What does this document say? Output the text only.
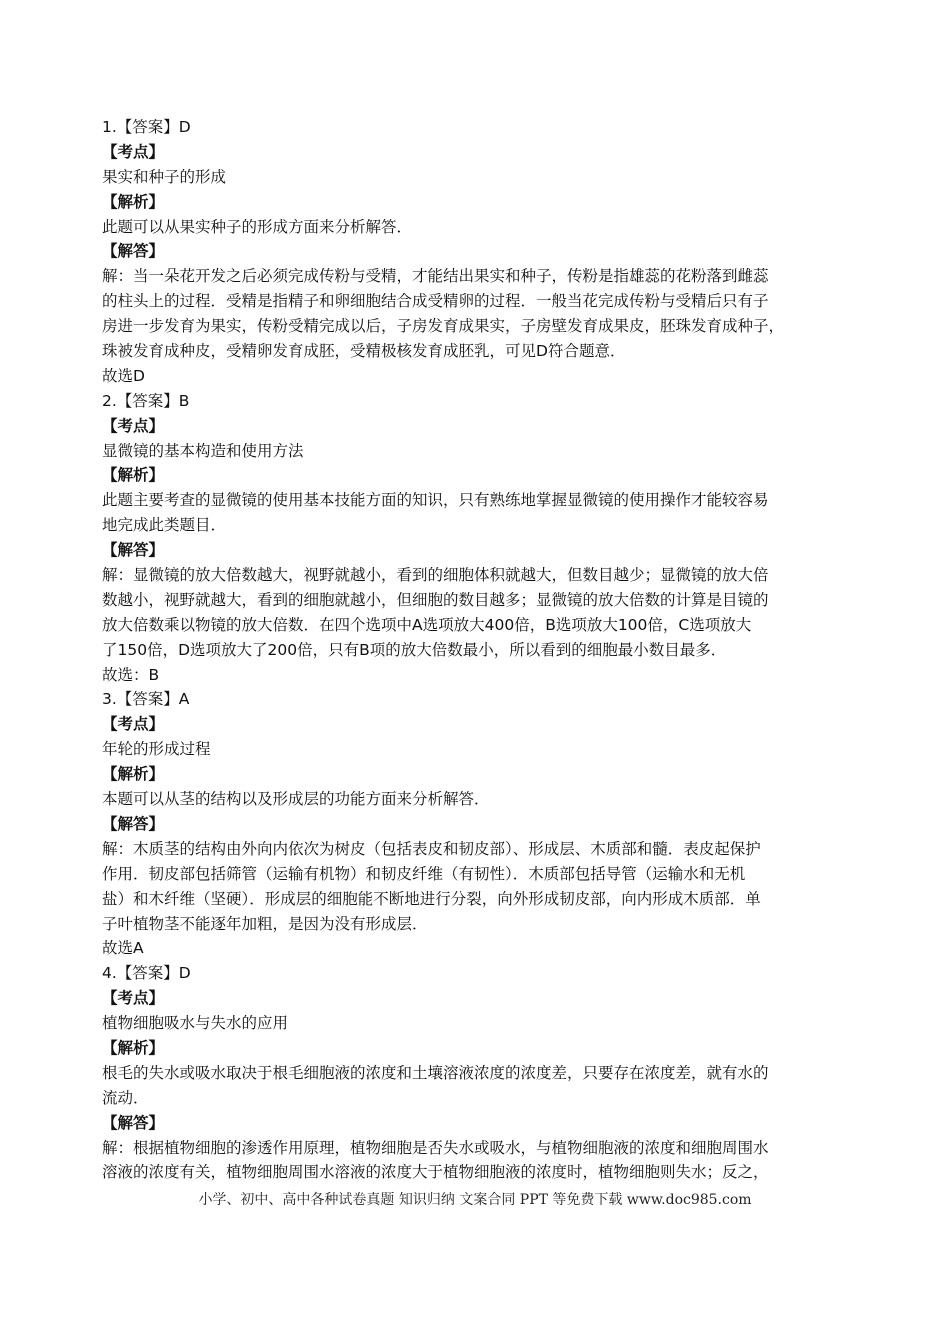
1.【答案】D
【考点】
果实和种子的形成
【解析】
此题可以从果实种子的形成方面来分析解答．
【解答】
解：当一朵花开发之后必须完成传粉与受精，才能结出果实和种子，传粉是指雄蕊的花粉落到雌蕊
的柱头上的过程．受精是指精子和卵细胞结合成受精卵的过程．一般当花完成传粉与受精后只有子
房进一步发育为果实，传粉受精完成以后，子房发育成果实，子房壁发育成果皮，胚珠发育成种子，
珠被发育成种皮，受精卵发育成胚，受精极核发育成胚乳，可见D符合题意．
故选D
2.【答案】B
【考点】
显微镜的基本构造和使用方法
【解析】
此题主要考查的显微镜的使用基本技能方面的知识，只有熟练地掌握显微镜的使用操作才能较容易
地完成此类题目．
【解答】
解：显微镜的放大倍数越大，视野就越小，看到的细胞体积就越大，但数目越少；显微镜的放大倍
数越小，视野就越大，看到的细胞就越小，但细胞的数目越多；显微镜的放大倍数的计算是目镜的
放大倍数乘以物镜的放大倍数．在四个选项中A选项放大400倍，B选项放大100倍，C选项放大
了150倍，D选项放大了200倍，只有B项的放大倍数最小，所以看到的细胞最小数目最多．
故选：B
3.【答案】A
【考点】
年轮的形成过程
【解析】
本题可以从茎的结构以及形成层的功能方面来分析解答．
【解答】
解：木质茎的结构由外向内依次为树皮（包括表皮和韧皮部）、形成层、木质部和髓．表皮起保护
作用．韧皮部包括筛管（运输有机物）和韧皮纤维（有韧性）．木质部包括导管（运输水和无机
盐）和木纤维（坚硬）．形成层的细胞能不断地进行分裂，向外形成韧皮部，向内形成木质部．单
子叶植物茎不能逐年加粗，是因为没有形成层．
故选A
4.【答案】D
【考点】
植物细胞吸水与失水的应用
【解析】
根毛的失水或吸水取决于根毛细胞液的浓度和土壤溶液浓度的浓度差，只要存在浓度差，就有水的
流动．
【解答】
解：根据植物细胞的渗透作用原理，植物细胞是否失水或吸水，与植物细胞液的浓度和细胞周围水
溶液的浓度有关，植物细胞周围水溶液的浓度大于植物细胞液的浓度时，植物细胞则失水；反之，
小学、初中、高中各种试卷真题 知识归纳 文案合同 PPT 等免费下载 www.doc985.com
